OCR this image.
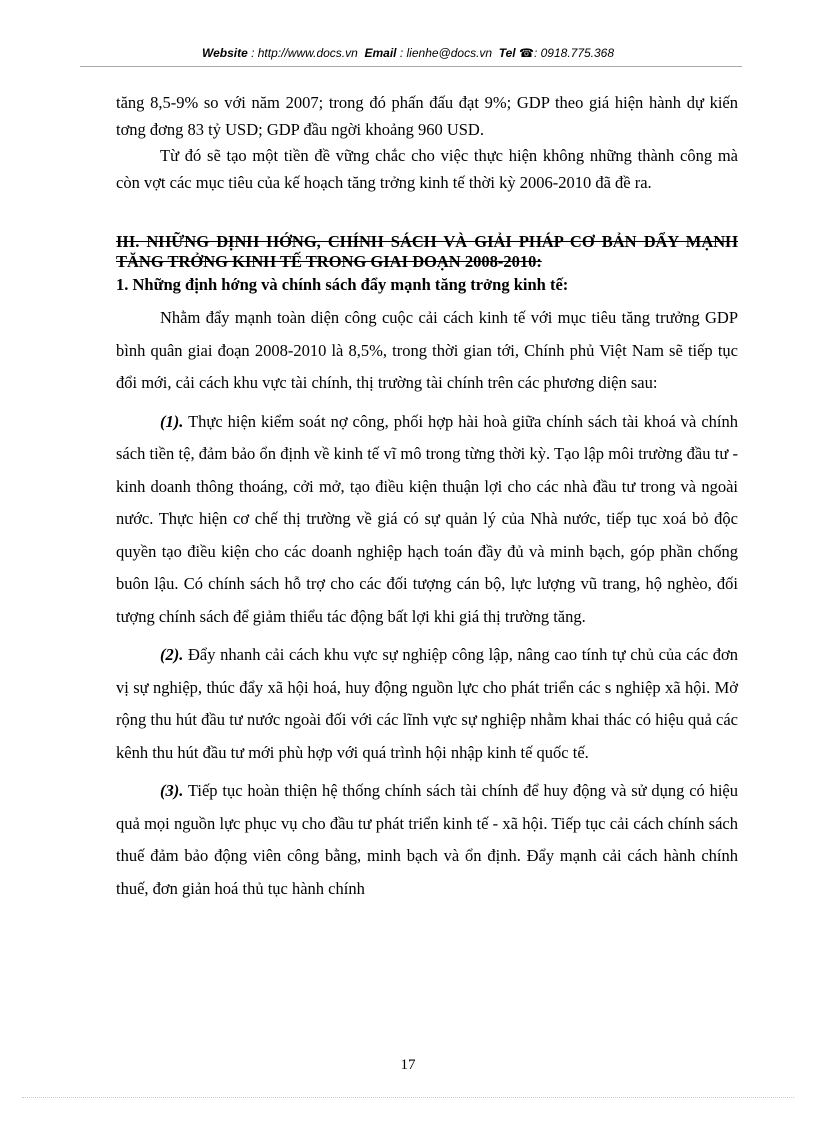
Website : http://www.docs.vn Email : lienhe@docs.vn Tel ☎: 0918.775.368

tăng 8,5-9% so với năm 2007; trong đó phấn đấu đạt 9%; GDP theo giá hiện hành dự kiến tơng đơng 83 tỷ USD; GDP đầu ngời khoảng 960 USD.

Từ đó sẽ tạo một tiền đề vững chắc cho việc thực hiện không những thành công mà còn vợt các mục tiêu của kế hoạch tăng trởng kinh tế thời kỳ 2006-2010 đã đề ra.

III. NHỮNG ĐỊNH HỚNG, CHÍNH SÁCH VÀ GIẢI PHÁP CƠ BẢN ĐẨY MẠNH TĂNG TRỞNG KINH TẾ TRONG GIAI ĐOẠN 2008-2010:

1. Những định hớng và chính sách đẩy mạnh tăng trởng kinh tế:

Nhằm đẩy mạnh toàn diện công cuộc cải cách kinh tế với mục tiêu tăng trưởng GDP bình quân giai đoạn 2008-2010 là 8,5%, trong thời gian tới, Chính phủ Việt Nam sẽ tiếp tục đổi mới, cải cách khu vực tài chính, thị trường tài chính trên các phương diện sau:

(1). Thực hiện kiểm soát nợ công, phối hợp hài hoà giữa chính sách tài khoá và chính sách tiền tệ, đảm bảo ổn định về kinh tế vĩ mô trong từng thời kỳ. Tạo lập môi trường đầu tư - kinh doanh thông thoáng, cởi mở, tạo điều kiện thuận lợi cho các nhà đầu tư trong và ngoài nước. Thực hiện cơ chế thị trường về giá có sự quản lý của Nhà nước, tiếp tục xoá bỏ độc quyền tạo điều kiện cho các doanh nghiệp hạch toán đầy đủ và minh bạch, góp phần chống buôn lậu. Có chính sách hỗ trợ cho các đối tượng cán bộ, lực lượng vũ trang, hộ nghèo, đối tượng chính sách để giảm thiểu tác động bất lợi khi giá thị trường tăng.

(2). Đẩy nhanh cải cách khu vực sự nghiệp công lập, nâng cao tính tự chủ của các đơn vị sự nghiệp, thúc đẩy xã hội hoá, huy động nguồn lực cho phát triển các s nghiệp xã hội. Mở rộng thu hút đầu tư nước ngoài đối với các lĩnh vực sự nghiệp nhằm khai thác có hiệu quả các kênh thu hút đầu tư mới phù hợp với quá trình hội nhập kinh tế quốc tế.

(3). Tiếp tục hoàn thiện hệ thống chính sách tài chính để huy động và sử dụng có hiệu quả mọi nguồn lực phục vụ cho đầu tư phát triển kinh tế - xã hội. Tiếp tục cải cách chính sách thuế đảm bảo động viên công bằng, minh bạch và ổn định. Đẩy mạnh cải cách hành chính thuế, đơn giản hoá thủ tục hành chính

17
